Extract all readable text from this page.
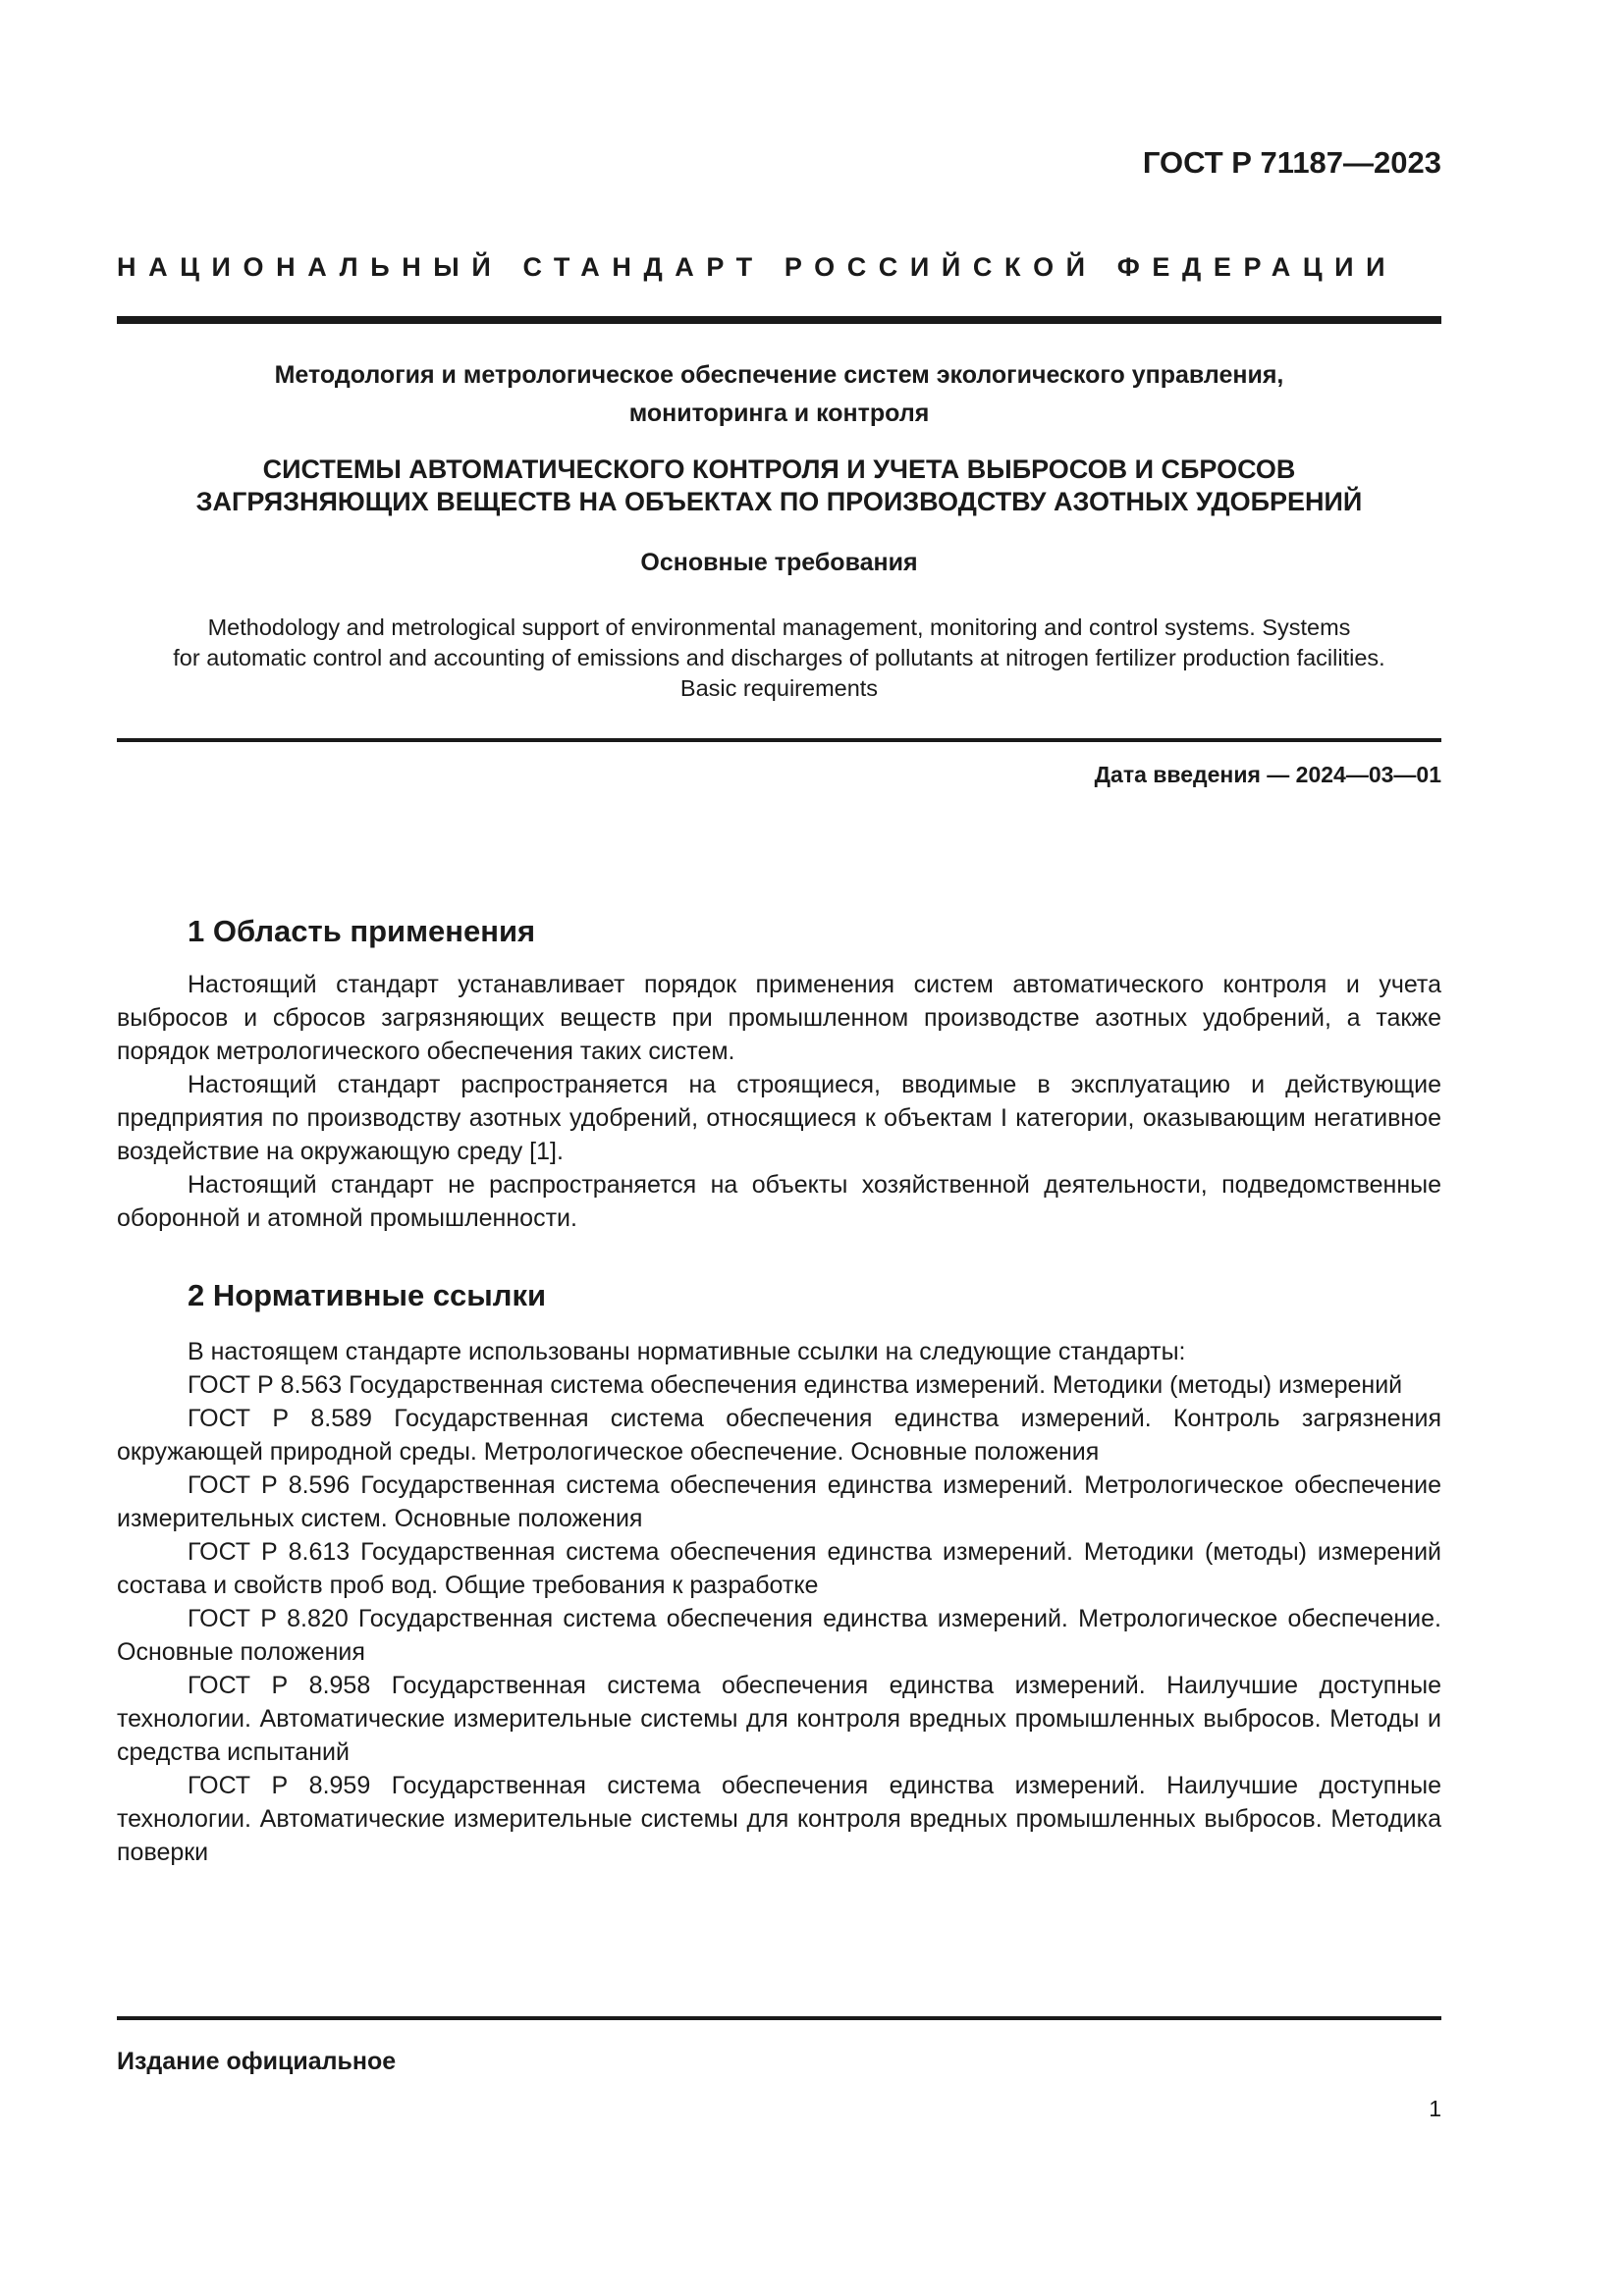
ГОСТ Р 71187—2023
НАЦИОНАЛЬНЫЙ СТАНДАРТ РОССИЙСКОЙ ФЕДЕРАЦИИ
Методология и метрологическое обеспечение систем экологического управления,
мониторинга и контроля
СИСТЕМЫ АВТОМАТИЧЕСКОГО КОНТРОЛЯ И УЧЕТА ВЫБРОСОВ И СБРОСОВ
ЗАГРЯЗНЯЮЩИХ ВЕЩЕСТВ НА ОБЪЕКТАХ ПО ПРОИЗВОДСТВУ АЗОТНЫХ УДОБРЕНИЙ
Основные требования
Methodology and metrological support of environmental management, monitoring and control systems. Systems
for automatic control and accounting of emissions and discharges of pollutants at nitrogen fertilizer production facilities.
Basic requirements
Дата введения — 2024—03—01
1 Область применения

Настоящий стандарт устанавливает порядок применения систем автоматического контроля и учета выбросов и сбросов загрязняющих веществ при промышленном производстве азотных удобрений, а также порядок метрологического обеспечения таких систем.

Настоящий стандарт распространяется на строящиеся, вводимые в эксплуатацию и действующие предприятия по производству азотных удобрений, относящиеся к объектам I категории, оказывающим негативное воздействие на окружающую среду [1].

Настоящий стандарт не распространяется на объекты хозяйственной деятельности, подведомственные оборонной и атомной промышленности.

2 Нормативные ссылки

В настоящем стандарте использованы нормативные ссылки на следующие стандарты:

ГОСТ Р 8.563 Государственная система обеспечения единства измерений. Методики (методы) измерений

ГОСТ Р 8.589 Государственная система обеспечения единства измерений. Контроль загрязнения окружающей природной среды. Метрологическое обеспечение. Основные положения

ГОСТ Р 8.596 Государственная система обеспечения единства измерений. Метрологическое обеспечение измерительных систем. Основные положения

ГОСТ Р 8.613 Государственная система обеспечения единства измерений. Методики (методы) измерений состава и свойств проб вод. Общие требования к разработке

ГОСТ Р 8.820 Государственная система обеспечения единства измерений. Метрологическое обеспечение. Основные положения

ГОСТ Р 8.958 Государственная система обеспечения единства измерений. Наилучшие доступные технологии. Автоматические измерительные системы для контроля вредных промышленных выбросов. Методы и средства испытаний

ГОСТ Р 8.959 Государственная система обеспечения единства измерений. Наилучшие доступные технологии. Автоматические измерительные системы для контроля вредных промышленных выбросов. Методика поверки

Издание официальное
1
